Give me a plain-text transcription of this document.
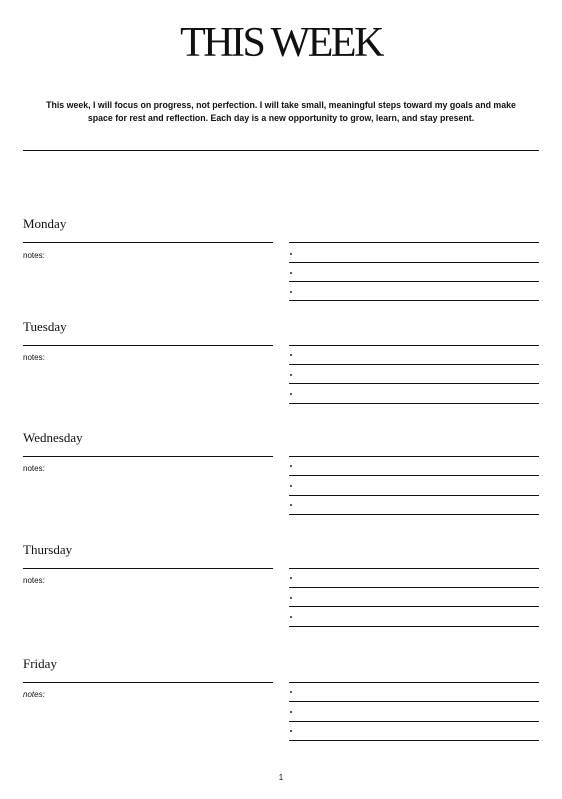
THIS WEEK
This week, I will focus on progress, not perfection. I will take small, meaningful steps toward my goals and make space for rest and reflection. Each day is a new opportunity to grow, learn, and stay present.
Monday
notes:
Tuesday
notes:
Wednesday
notes:
Thursday
notes:
Friday
notes:
1
